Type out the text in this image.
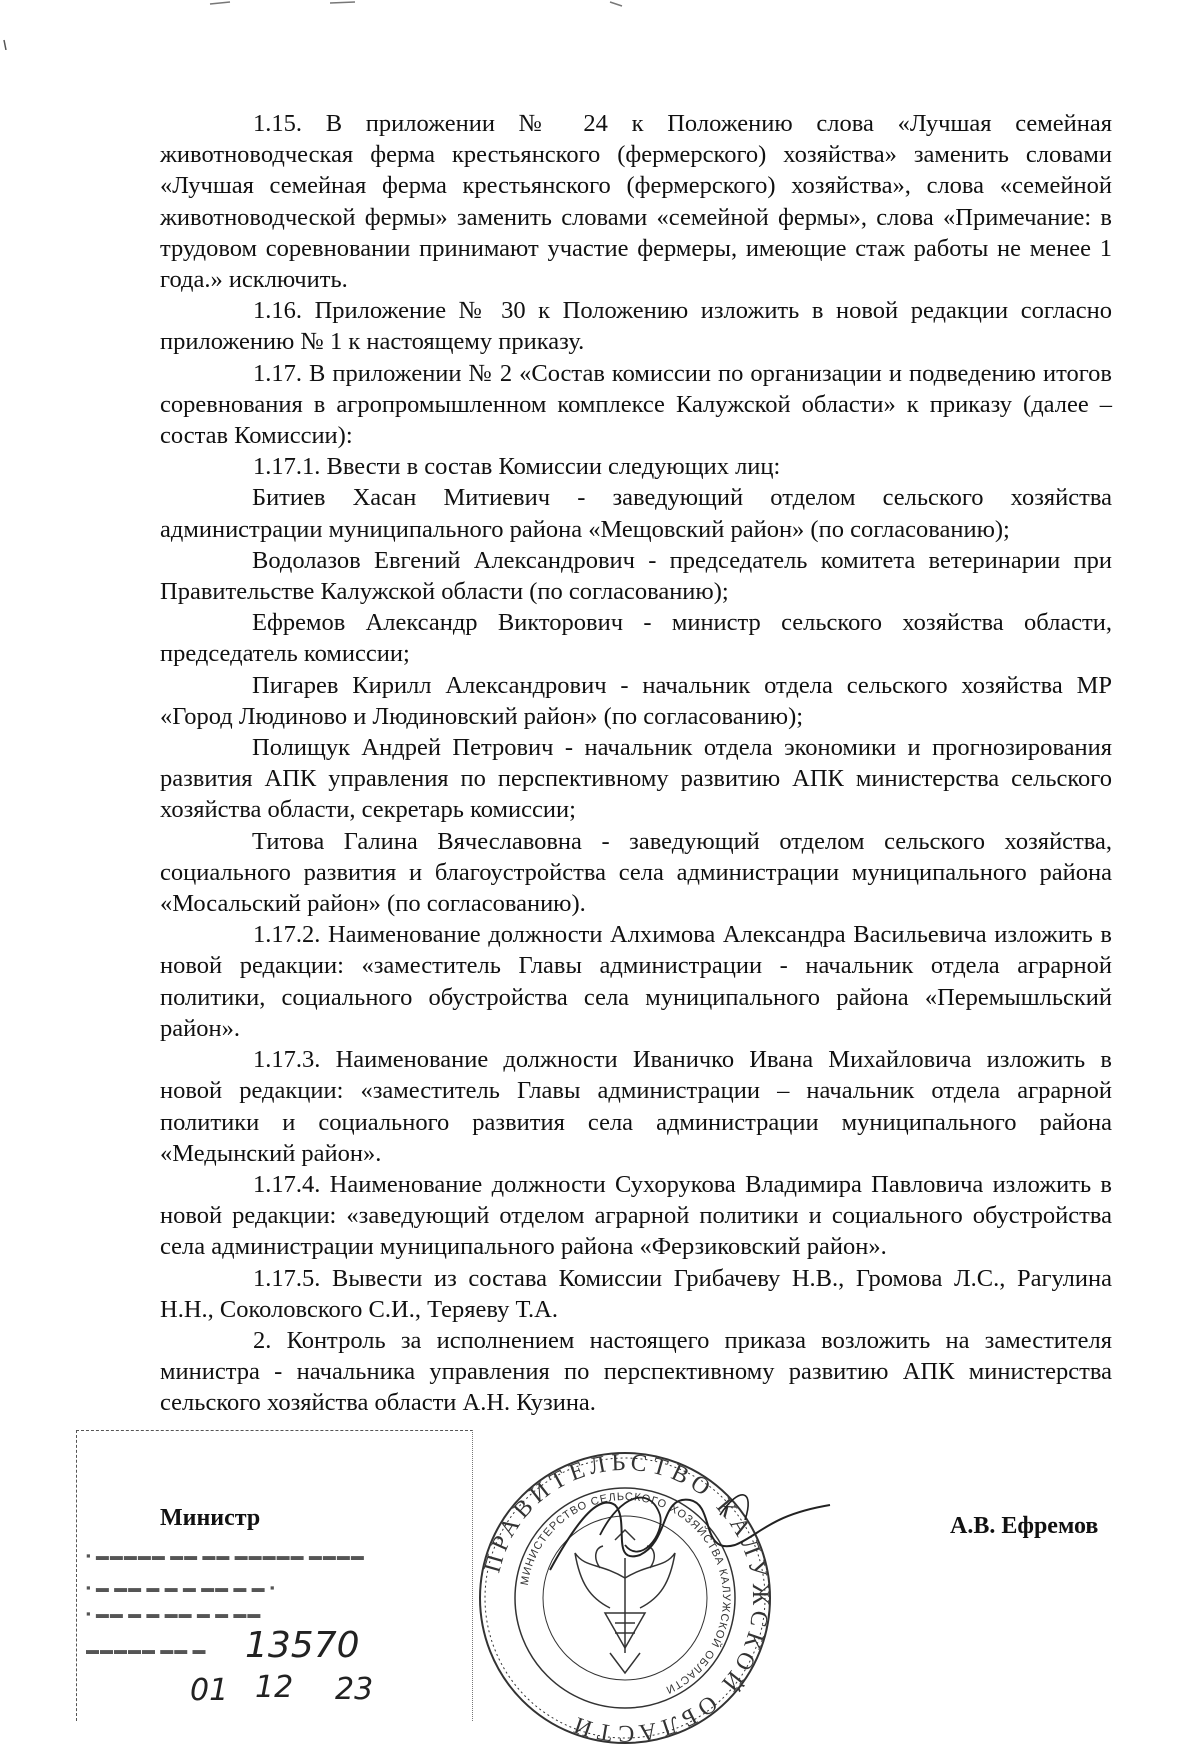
1.15. В приложении № 24 к Положению слова «Лучшая семейная животноводческая ферма крестьянского (фермерского) хозяйства» заменить словами «Лучшая семейная ферма крестьянского (фермерского) хозяйства», слова «семейной животноводческой фермы» заменить словами «семейной фермы», слова «Примечание: в трудовом соревновании принимают участие фермеры, имеющие стаж работы не менее 1 года.» исключить.

1.16. Приложение № 30 к Положению изложить в новой редакции согласно приложению № 1 к настоящему приказу.

1.17. В приложении № 2 «Состав комиссии по организации и подведению итогов соревнования в агропромышленном комплексе Калужской области» к приказу (далее – состав Комиссии):

1.17.1. Ввести в состав Комиссии следующих лиц:

Битиев Хасан Митиевич - заведующий отделом сельского хозяйства администрации муниципального района «Мещовский район» (по согласованию);

Водолазов Евгений Александрович - председатель комитета ветеринарии при Правительстве Калужской области (по согласованию);

Ефремов Александр Викторович - министр сельского хозяйства области, председатель комиссии;

Пигарев Кирилл Александрович - начальник отдела сельского хозяйства МР «Город Людиново и Людиновский район» (по согласованию);

Полищук Андрей Петрович - начальник отдела экономики и прогнозирования развития АПК управления по перспективному развитию АПК министерства сельского хозяйства области, секретарь комиссии;

Титова Галина Вячеславовна - заведующий отделом сельского хозяйства, социального развития и благоустройства села администрации муниципального района «Мосальский район» (по согласованию).

1.17.2. Наименование должности Алхимова Александра Васильевича изложить в новой редакции: «заместитель Главы администрации - начальник отдела аграрной политики, социального обустройства села муниципального района «Перемышльский район».

1.17.3. Наименование должности Иваничко Ивана Михайловича изложить в новой редакции: «заместитель Главы администрации – начальник отдела аграрной политики и социального развития села администрации муниципального района «Медынский район».

1.17.4. Наименование должности Сухорукова Владимира Павловича изложить в новой редакции: «заведующий отделом аграрной политики и социального обустройства села администрации муниципального района «Ферзиковский район».

1.17.5. Вывести из состава Комиссии Грибачеву Н.В., Громова Л.С., Рагулина Н.Н., Соколовского С.И., Теряеву Т.А.

2. Контроль за исполнением настоящего приказа возложить на заместителя министра - начальника управления по перспективному развитию АПК министерства сельского хозяйства области А.Н. Кузина.

▪ ▬▬▬▬▬ ▬▬ ▬▬ ▬▬▬▬▬ ▬▬▬▬
▪ ▬ ▬▬ ▬ ▬ ▬ ▬▬ ▬ ▬ ▪
▪ ▬▬ ▬ ▬ ▬▬ ▬ ▬ ▬▬
▬▬▬▬▬ ▬▬ ▬ 13570
01 12 23
Министр	А.В. Ефремов
ПРАВИТЕЛЬСТВО КАЛУЖСКОЙ ОБЛАСТИ
МИНИСТЕРСТВО СЕЛЬСКОГО ХОЗЯЙСТВА КАЛУЖСКОЙ ОБЛАСТИ
